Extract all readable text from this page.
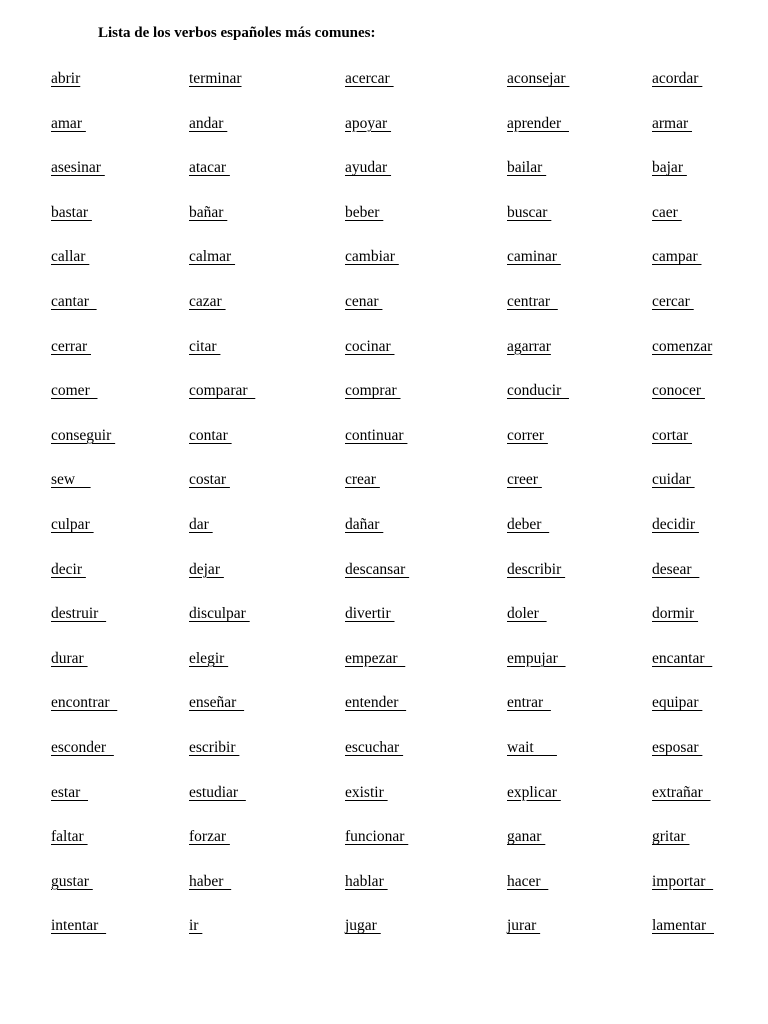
Lista de los verbos españoles más comunes:
abrir	terminar	acercar	aconsejar	acordar
amar	andar	apoyar	aprender	armar
asesinar	atacar	ayudar	bailar	bajar
bastar	bañar	beber	buscar	caer
callar	calmar	cambiar	caminar	campar
cantar	cazar	cenar	centrar	cercar
cerrar	citar	cocinar	agarrar	comenzar
comer	comparar	comprar	conducir	conocer
conseguir	contar	continuar	correr	cortar
sew	costar	crear	creer	cuidar
culpar	dar	dañar	deber	decidir
decir	dejar	descansar	describir	desear
destruir	disculpar	divertir	doler	dormir
durar	elegir	empezar	empujar	encantar
encontrar	enseñar	entender	entrar	equipar
esconder	escribir	escuchar	wait	esposar
estar	estudiar	existir	explicar	extrañar
faltar	forzar	funcionar	ganar	gritar
gustar	haber	hablar	hacer	importar
intentar	ir	jugar	jurar	lamentar
